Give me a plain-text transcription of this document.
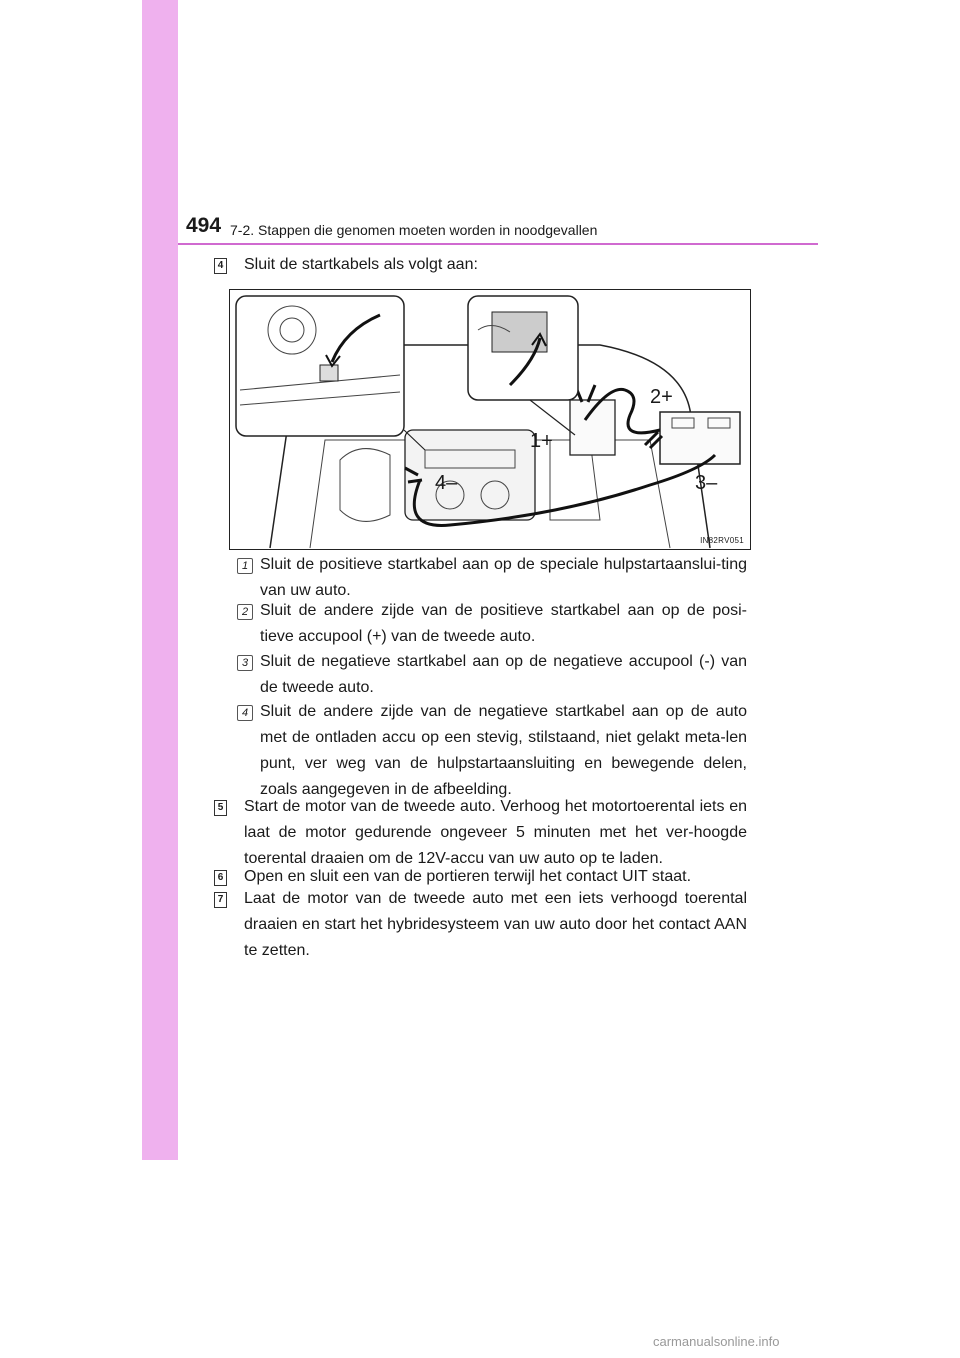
494 7-2. Stappen die genomen moeten worden in noodgevallen
4 Sluit de startkabels als volgt aan:
1+
2+
3–
4–
IN82RV051
1 Sluit de positieve startkabel aan op de speciale hulpstartaanslui-ting van uw auto.
2 Sluit de andere zijde van de positieve startkabel aan op de posi-tieve accupool (+) van de tweede auto.
3 Sluit de negatieve startkabel aan op de negatieve accupool (-) van de tweede auto.
4 Sluit de andere zijde van de negatieve startkabel aan op de auto met de ontladen accu op een stevig, stilstaand, niet gelakt meta-len punt, ver weg van de hulpstartaansluiting en bewegende delen, zoals aangegeven in de afbeelding.
5 Start de motor van de tweede auto. Verhoog het motortoerental iets en laat de motor gedurende ongeveer 5 minuten met het ver-hoogde toerental draaien om de 12V-accu van uw auto op te laden.
6 Open en sluit een van de portieren terwijl het contact UIT staat.
7 Laat de motor van de tweede auto met een iets verhoogd toerental draaien en start het hybridesysteem van uw auto door het contact AAN te zetten.
carmanualsonline.info
